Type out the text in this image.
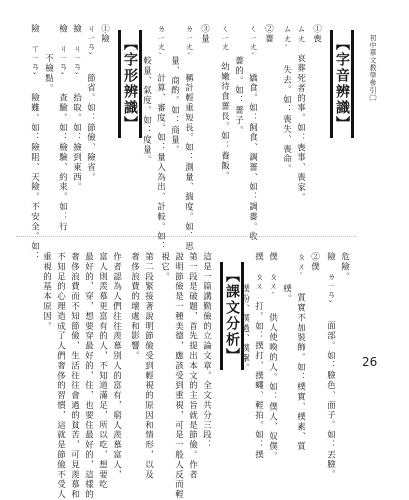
初中華文教學參引㈡
26
【字音辨識】
①喪
ㄙㄤ　哀葬死者的事。如：喪事、喪家。
ㄙㄤˋ　失去。如：喪失、喪命。
②薔
ㄑㄧㄤˊ　嬌食。如：飼食、調薔、如：調薔。收
薔的。如：薔子。
ㄑㄧㄤ　幼嫩待食薔長。如：養飯。
③量
ㄌㄧㄤˊ　稱計輕重短長。如：測量、揣度。如：思
量、商酌。如：商量。
ㄌㄧㄤˋ　計算、審度。如：量入為出、計較。如：
較量、氣度。如：度量。
【字形辨識】
①險
ㄐㄧㄢˇ　節省。如：節儉、險省。
撿　ㄐㄧㄢˇ　拾取。如：撿到東西。
檢　ㄐㄧㄢˇ　查驗。如：檢驗、約束。如：行
　　　不檢點。
險　ㄒㄧㄢˇ　險難。如：險阻、天險。不安全。如：
危險。
險　ㄌㄧㄢˇ　面部。如：臉色、面子。如：丟臉。
②僕
ㄆㄨˊ　質實不加裝飾。如：樸實、樸素、質
樸。
僕　ㄆㄨˊ　供人使喚的人。如：僕人、奴僕。
撲　ㄆㄨ　打。如：撲打、撲蠅、輕拍。如：撲
撲粉、撲過、撲擊。
【課文分析】
這是一篇講勤儉的立論文章。全文共分三段：
第一段是破題，首先提出本文的主旨就是節儉。作者
說明節儉是一種美德，應該受到重視，可是一般人反而輕
視它。
第二段緊接著說明節儉受到輕視的原因和情形，以及
奢侈浪費的壞處和影響。
作者認為人們往往羨慕別人的富有，窮人羨慕富人，
富人則羨慕更富有的人，不知道滿足，所以吃、想要吃
最好的，穿，想要穿最好的，住，也要住最好的，這樣的
奢侈浪費而不知節儉，生活往往會過的貧苦，可見羨慕和
不知足的心理造成了人們奢侈的習慣，這就是節儉不受人
重視的基本原因。
